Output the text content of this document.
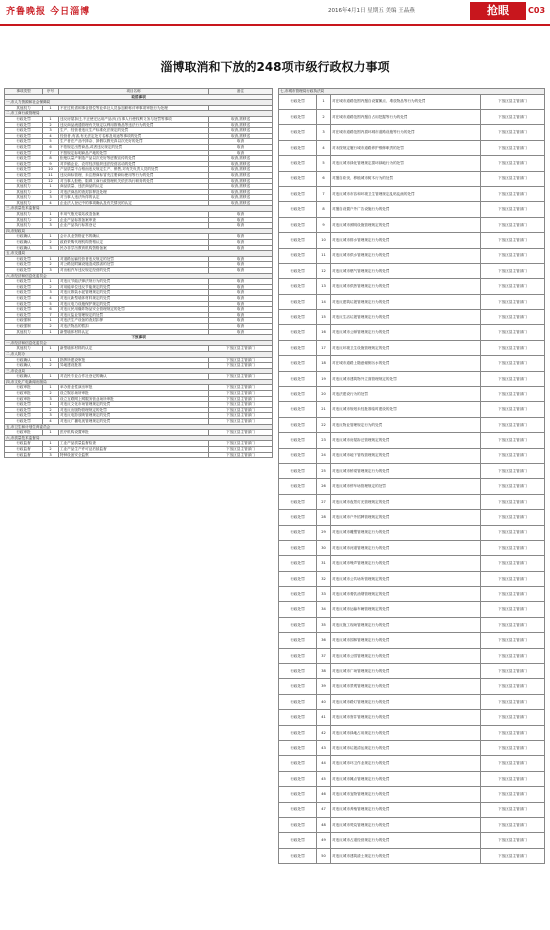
齐鲁晚报 今日淄博	2016年4月1日 星期五 美编 王晶燕	抢眼	C03
淄博取消和下放的248项市级行政权力事项
事项类型	序号	项目名称	备注
取消事项			
一,市人力资源和社会保障局			
其他权力	1	不在过机省和事业基位等业单社人员参加职称评审事项审批行为处理	
二,市工商行政管理局			
行政处罚	1	违反房屋拆迁,不正使迁运用产品(负)当事人行使权利义务与处罚等事项	取消,需移送
行政处罚	2	违反商品流通管理有关规定以利用推销品等违法行为的处罚	取消,需移送
行政处罚	3	生产、经营者违反生产标准化法规定的处罚	取消,需移送
行政处罚	4	经营者,有害,有无法定处方名称及用途等事项的处罚	取消,需移送
行政处罚	5	生产者在产品中掺杂、掺假以假充真以次充好的处罚	取消
行政处罚	6	不依规定出售商品,或者违反规定的处罚	取消
行政处罚	7	不按规定标明商品产地的处罚	取消
行政处罚	8	拒绝以量产制造产品以次充好等虚假宣传的处罚	取消,需移送
行政处罚	9	对乡镇企业、农村经济组织违法经营活动的处罚	取消,需移送
行政处罚	10	产品质量不合格而违反规定生产、销售,对有关负责人员的处罚	取消,需移送
行政处罚	11	违反商标管理、未注册商标冒充注册商标使用等行为的处罚	取消,需移送
行政处罚	12	对当事人拒绝、阻碍工商行政管理机关依法执行职务的处罚	取消,需移送
其他权力	1	商品质量、违法商品的认定	取消,需移送
其他权力	2	对违法商品的查封扣押及处理	取消,需移送
其他权力	3	对当事人违法所得的认定	取消,需移送
其他权力	4	企业法人登记中的事项确认及有关情况的认定	取消,需移送
三,市质量技术监督局			
其他权力	1	车用气瓶充装站改造备案	取消
其他权力	2	企业产品标准备案审查	取消
其他权力	3	企业产品执行标准登记	取消
四,市财政局			
行政确认	1	会计从业资格证书的确认	取消
行政确认	2	政府采购代理机构资格认定	取消
行政确认	3	民办非学历教育机构资格备案	取消
五,市交通局			
行政处罚	1	对道路运输经营者违反规定的处罚	取消
行政处罚	2	对公路及附属设施造成损害的处罚	取消
行政处罚	3	对出租汽车违反规定经营的处罚	取消
六,市经济和信息化委员会			
行政处罚	1	对违反节能法律法规行为的处罚	取消
行政处罚	2	对用能单位违反节能规定的处罚	取消
行政处罚	3	对违反散装水泥管理规定的处罚	取消
行政处罚	4	对违反新型墙体材料规定的处罚	取消
行政处罚	5	对违反电力设施保护规定的处罚	取消
行政处罚	6	对违反民用爆炸物品安全管理规定的处罚	取消
行政处罚	7	对违反盐业管理规定的处罚	取消
行政强制	1	对违法生产设备的查封扣押	取消
行政强制	2	对违法物品的暂扣	取消
其他权力	1	新型墙体材料认定	取消
下放事项			
一,市经济和信息化委员会			
其他权力	1	新型墙体材料的认定	下放区县主管部门
二,市人防办			
行政确认	1	指挥所建设审批	下放区县主管部门
行政确认	2	异地建设批准	下放区县主管部门
三,市农业局			
行政确认	1	对农民专业合作社登记的确认	下放区县主管部门
四,市文化广电新闻出版局			
行政审批	1	举办营业性演出审批	下放区县主管部门
行政审批	2	设立娱乐场所审批	下放区县主管部门
行政审批	3	设立互联网上网服务营业场所审批	下放区县主管部门
行政处罚	1	对违反文化市场管理规定的处罚	下放区县主管部门
行政处罚	2	对违反出版物管理规定的处罚	下放区县主管部门
行政处罚	3	对违反电影放映管理规定的处罚	下放区县主管部门
行政处罚	4	对违反广播电视管理规定的处罚	下放区县主管部门
五,市卫生和计划生育委员会			
行政审批	1	医疗机构设置审批	下放区县主管部门
六,市质量技术监督局			
行政监督	1	工业产品质量监督检查	下放区县主管部门
行政监督	2	工业产品生产许可证后续监督	下放区县主管部门
行政监督	3	特种设备安全监察	下放区县主管部门
七,市城市管理局行政执法局			
行政处罚	1	对在城市道路范围内擅自设置摊点、堆放物品等行为的处罚	下放区县主管部门
行政处罚	2	对在城市道路范围内擅自占用挖掘等行为的处罚	下放区县主管部门
行政处罚	3	对在城市道路范围内损坏城市道路设施等行为的处罚	下放区县主管部门
行政处罚	4	对未按规定履行城市道路养护维修职责的处罚	下放区县主管部门
行政处罚	5	对违反城市绿化管理规定损坏绿地行为的处罚	下放区县主管部门
行政处罚	6	对擅自砍伐、移植城市树木行为的处罚	下放区县主管部门
行政处罚	7	对违反城市市容和环境卫生管理规定乱贴乱画的处罚	下放区县主管部门
行政处罚	8	对擅自设置户外广告设施行为的处罚	下放区县主管部门
行政处罚	9	对违反城市照明设施管理规定的处罚	下放区县主管部门
行政处罚	10	对违反城市排水管理规定行为的处罚	下放区县主管部门
行政处罚	11	对违反城市供水管理规定行为的处罚	下放区县主管部门
行政处罚	12	对违反城市燃气管理规定行为的处罚	下放区县主管部门
行政处罚	13	对违反城市供热管理规定行为的处罚	下放区县主管部门
行政处罚	14	对违反建筑垃圾管理规定行为的处罚	下放区县主管部门
行政处罚	15	对违反生活垃圾管理规定行为的处罚	下放区县主管部门
行政处罚	16	对违反城市公厕管理规定行为的处罚	下放区县主管部门
行政处罚	17	对违反环境卫生设施管理规定的处罚	下放区县主管部门
行政处罚	18	对在城市道路上随意倾倒污水的处罚	下放区县主管部门
行政处罚	19	对违反城市建筑物外立面管理规定的处罚	下放区县主管部门
行政处罚	20	对违法建设行为的处罚	下放区县主管部门
行政处罚	21	对违反城市规划未经批准临时建设的处罚	下放区县主管部门
行政处罚	22	对违反物业管理规定行为的处罚	下放区县主管部门
行政处罚	23	对违反城市房屋拆迁管理规定的处罚	下放区县主管部门
行政处罚	24	对违反城市地下管线管理规定的处罚	下放区县主管部门
行政处罚	25	对违反城市桥梁管理规定行为的处罚	下放区县主管部门
行政处罚	26	对违反城市停车场管理规定的处罚	下放区县主管部门
行政处罚	27	对违反城市夜景灯光管理规定的处罚	下放区县主管部门
行政处罚	28	对违反城市户外招牌管理规定的处罚	下放区县主管部门
行政处罚	29	对违反城市雕塑管理规定行为的处罚	下放区县主管部门
行政处罚	30	对违反城市河道管理规定行为的处罚	下放区县主管部门
行政处罚	31	对违反城市噪声管理规定行为的处罚	下放区县主管部门
行政处罚	32	对违反城市公共场所管理规定的处罚	下放区县主管部门
行政处罚	33	对违反城市餐饮油烟管理规定的处罚	下放区县主管部门
行政处罚	34	对违反城市运输车辆管理规定的处罚	下放区县主管部门
行政处罚	35	对违反施工现场管理规定行为的处罚	下放区县主管部门
行政处罚	36	对违反城市园林管理规定行为的处罚	下放区县主管部门
行政处罚	37	对违反城市公园管理规定行为的处罚	下放区县主管部门
行政处罚	38	对违反城市广场管理规定行为的处罚	下放区县主管部门
行政处罚	39	对违反城市景观管理规定行为的处罚	下放区县主管部门
行政处罚	40	对违反城市路灯管理规定行为的处罚	下放区县主管部门
行政处罚	41	对违反城市窨井管理规定行为的处罚	下放区县主管部门
行政处罚	42	对违反城市绿地占用规定行为的处罚	下放区县主管部门
行政处罚	43	对违反城市垃圾清运规定行为的处罚	下放区县主管部门
行政处罚	44	对违反城市环卫作业规定行为的处罚	下放区县主管部门
行政处罚	45	对违反城市摊点管理规定行为的处罚	下放区县主管部门
行政处罚	46	对违反城市宠物管理规定行为的处罚	下放区县主管部门
行政处罚	47	对违反城市养殖管理规定行为的处罚	下放区县主管部门
行政处罚	48	对违反城市焚烧管理规定行为的处罚	下放区县主管部门
行政处罚	49	对违反城市占道经营规定行为的处罚	下放区县主管部门
行政处罚	50	对违反城市建筑渣土规定行为的处罚	下放区县主管部门
